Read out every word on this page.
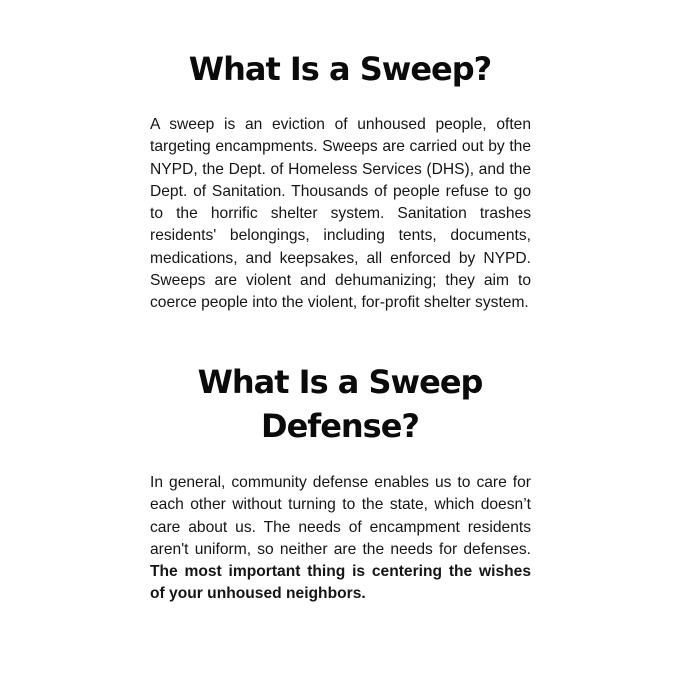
What Is a Sweep?

A sweep is an eviction of unhoused people, often targeting encampments. Sweeps are carried out by the NYPD, the Dept. of Homeless Services (DHS), and the Dept. of Sanitation. Thousands of people refuse to go to the horrific shelter system. Sanitation trashes residents' belongings, including tents, documents, medications, and keepsakes, all enforced by NYPD. Sweeps are violent and dehumanizing; they aim to coerce people into the violent, for-profit shelter system.

What Is a Sweep
Defense?

In general, community defense enables us to care for each other without turning to the state, which doesn’t care about us. The needs of encampment residents aren't uniform, so neither are the needs for defenses. The most important thing is centering the wishes of your unhoused neighbors.
